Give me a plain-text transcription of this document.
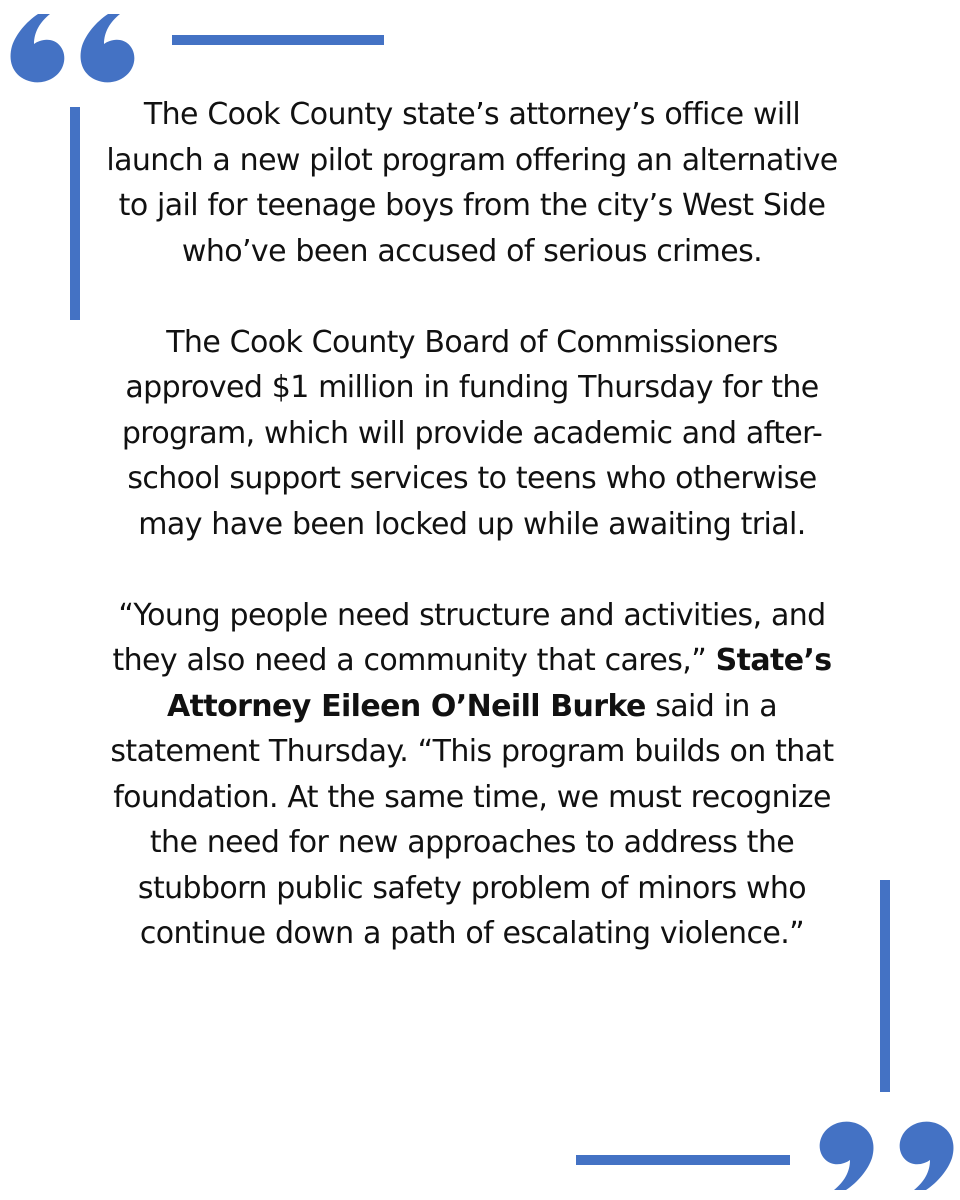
The Cook County state’s attorney’s office will launch a new pilot program offering an alternative to jail for teenage boys from the city’s West Side who’ve been accused of serious crimes.

The Cook County Board of Commissioners approved $1 million in funding Thursday for the program, which will provide academic and after-school support services to teens who otherwise may have been locked up while awaiting trial.

“Young people need structure and activities, and they also need a community that cares,” State’s Attorney Eileen O’Neill Burke said in a statement Thursday. “This program builds on that foundation. At the same time, we must recognize the need for new approaches to address the stubborn public safety problem of minors who continue down a path of escalating violence.”
